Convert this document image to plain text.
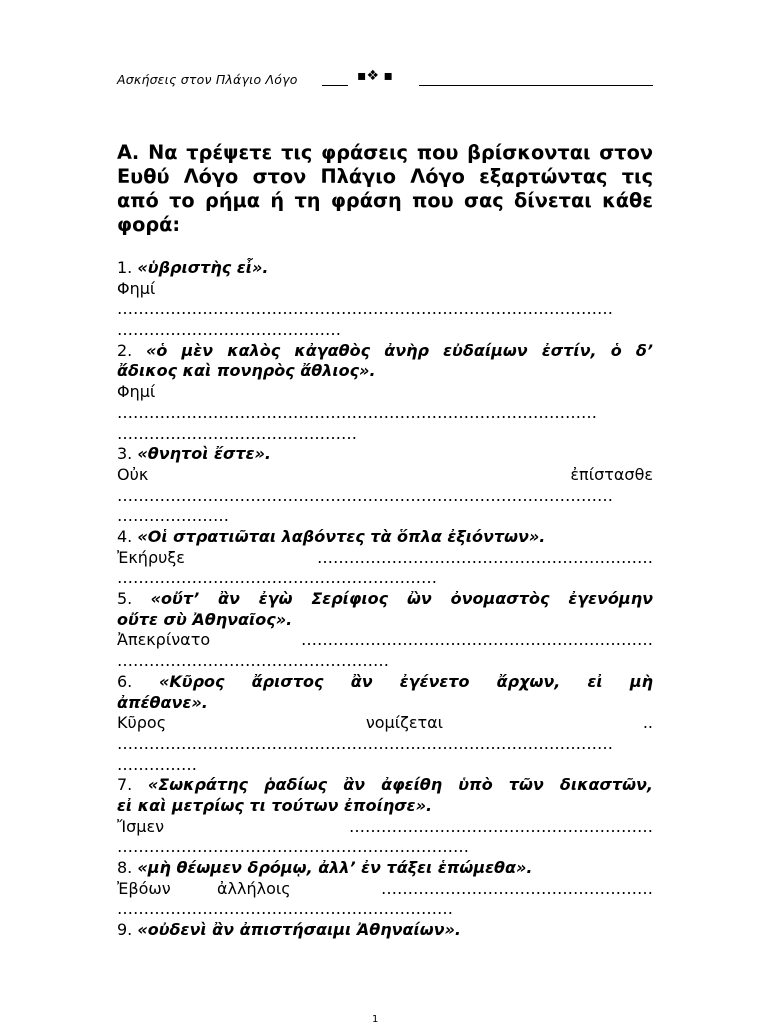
Ασκήσεις στον Πλάγιο Λόγο	▪❖ ▪
Α. Να τρέψετε τις φράσεις που βρίσκονται στον Ευθύ Λόγο στον Πλάγιο Λόγο εξαρτώντας τις από το ρήμα ή τη φράση που σας δίνεται κάθε φορά:
1. «ὑβριστὴς εἶ».
Φημί
…………………………………………………………………………………
……………………………………
2. «ὁ μὲν καλὸς κἀγαθὸς ἀνὴρ εὐδαίμων ἐστίν, ὁ δ’
ἄδικος καὶ πονηρὸς ἄθλιος».
Φημί
………………………………………………………………………………
………………………………………
3. «θνητοὶ ἔστε».
Οὐκ	ἐπίστασθε
…………………………………………………………………………………
…………………
4. «Οἱ στρατιῶται λαβόντες τὰ ὅπλα ἐξιόντων».
Ἐκήρυξε	………………………………………………………
……………………………………………………
5. «οὔτ’ ἂν ἐγὼ Σερίφιος ὢν ὀνομαστὸς ἐγενόμην
οὔτε σὺ Ἀθηναῖος».
Ἀπεκρίνατο	…………………………………………………………
……………………………………………
6. «Κῦρος ἄριστος ἂν ἐγένετο ἄρχων, εἰ μὴ
ἀπέθανε».
Κῦρος	νομίζεται	..
…………………………………………………………………………………
……………
7. «Σωκράτης ῥαδίως ἂν ἀφείθη ὑπὸ τῶν δικαστῶν,
εἰ καὶ μετρίως τι τούτων ἐποίησε».
Ἴσμεν	…………………………………………………
…………………………………………………………
8. «μὴ θέωμεν δρόμῳ, ἀλλ’ ἐν τάξει ἑπώμεθα».
Ἐβόων	ἀλλήλοις	……………………………………………
………………………………………………………
9. «οὐδενὶ ἂν ἀπιστήσαιμι Ἀθηναίων».
1
